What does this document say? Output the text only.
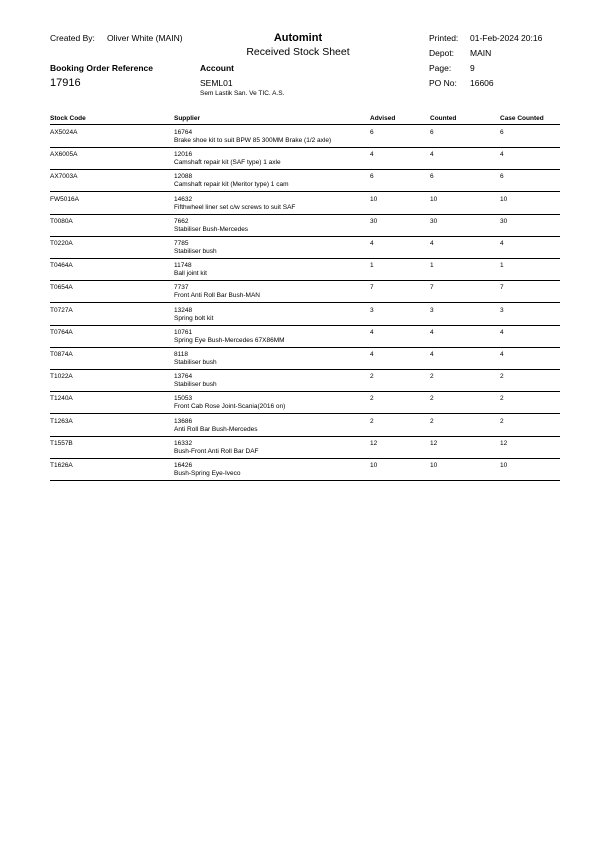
Created By: Oliver White (MAIN)	Automint
Received Stock Sheet
Printed: 01-Feb-2024 20:16
Depot: MAIN
Page: 9
PO No: 16606
Booking Order Reference
17916
Account
SEML01
Sem Lastik San. Ve TIC. A.S.
Stock Code	Supplier	Advised	Counted	Case Counted
AX5024A	16764	6	6	6
Brake shoe kit to suit BPW 85 300MM Brake (1/2 axle)
AX6005A	12016	4	4	4
Camshaft repair kit (SAF type) 1 axle
AX7003A	12088	6	6	6
Camshaft repair kit (Meritor type) 1 cam
FW5016A	14632	10	10	10
Fifthwheel liner set c/w screws to suit SAF
T0080A	7662	30	30	30
Stabiliser Bush-Mercedes
T0220A	7785	4	4	4
Stabiliser bush
T0464A	11748	1	1	1
Ball joint kit
T0654A	7737	7	7	7
Front Anti Roll Bar Bush-MAN
T0727A	13248	3	3	3
Spring bolt kit
T0764A	10761	4	4	4
Spring Eye Bush-Mercedes 67X86MM
T0874A	8118	4	4	4
Stabiliser bush
T1022A	13764	2	2	2
Stabiliser bush
T1240A	15053	2	2	2
Front Cab Rose Joint-Scania(2016 on)
T1263A	13686	2	2	2
Anti Roll Bar Bush-Mercedes
T1557B	16332	12	12	12
Bush-Front Anti Roll Bar DAF
T1626A	16426	10	10	10
Bush-Spring Eye-Iveco
